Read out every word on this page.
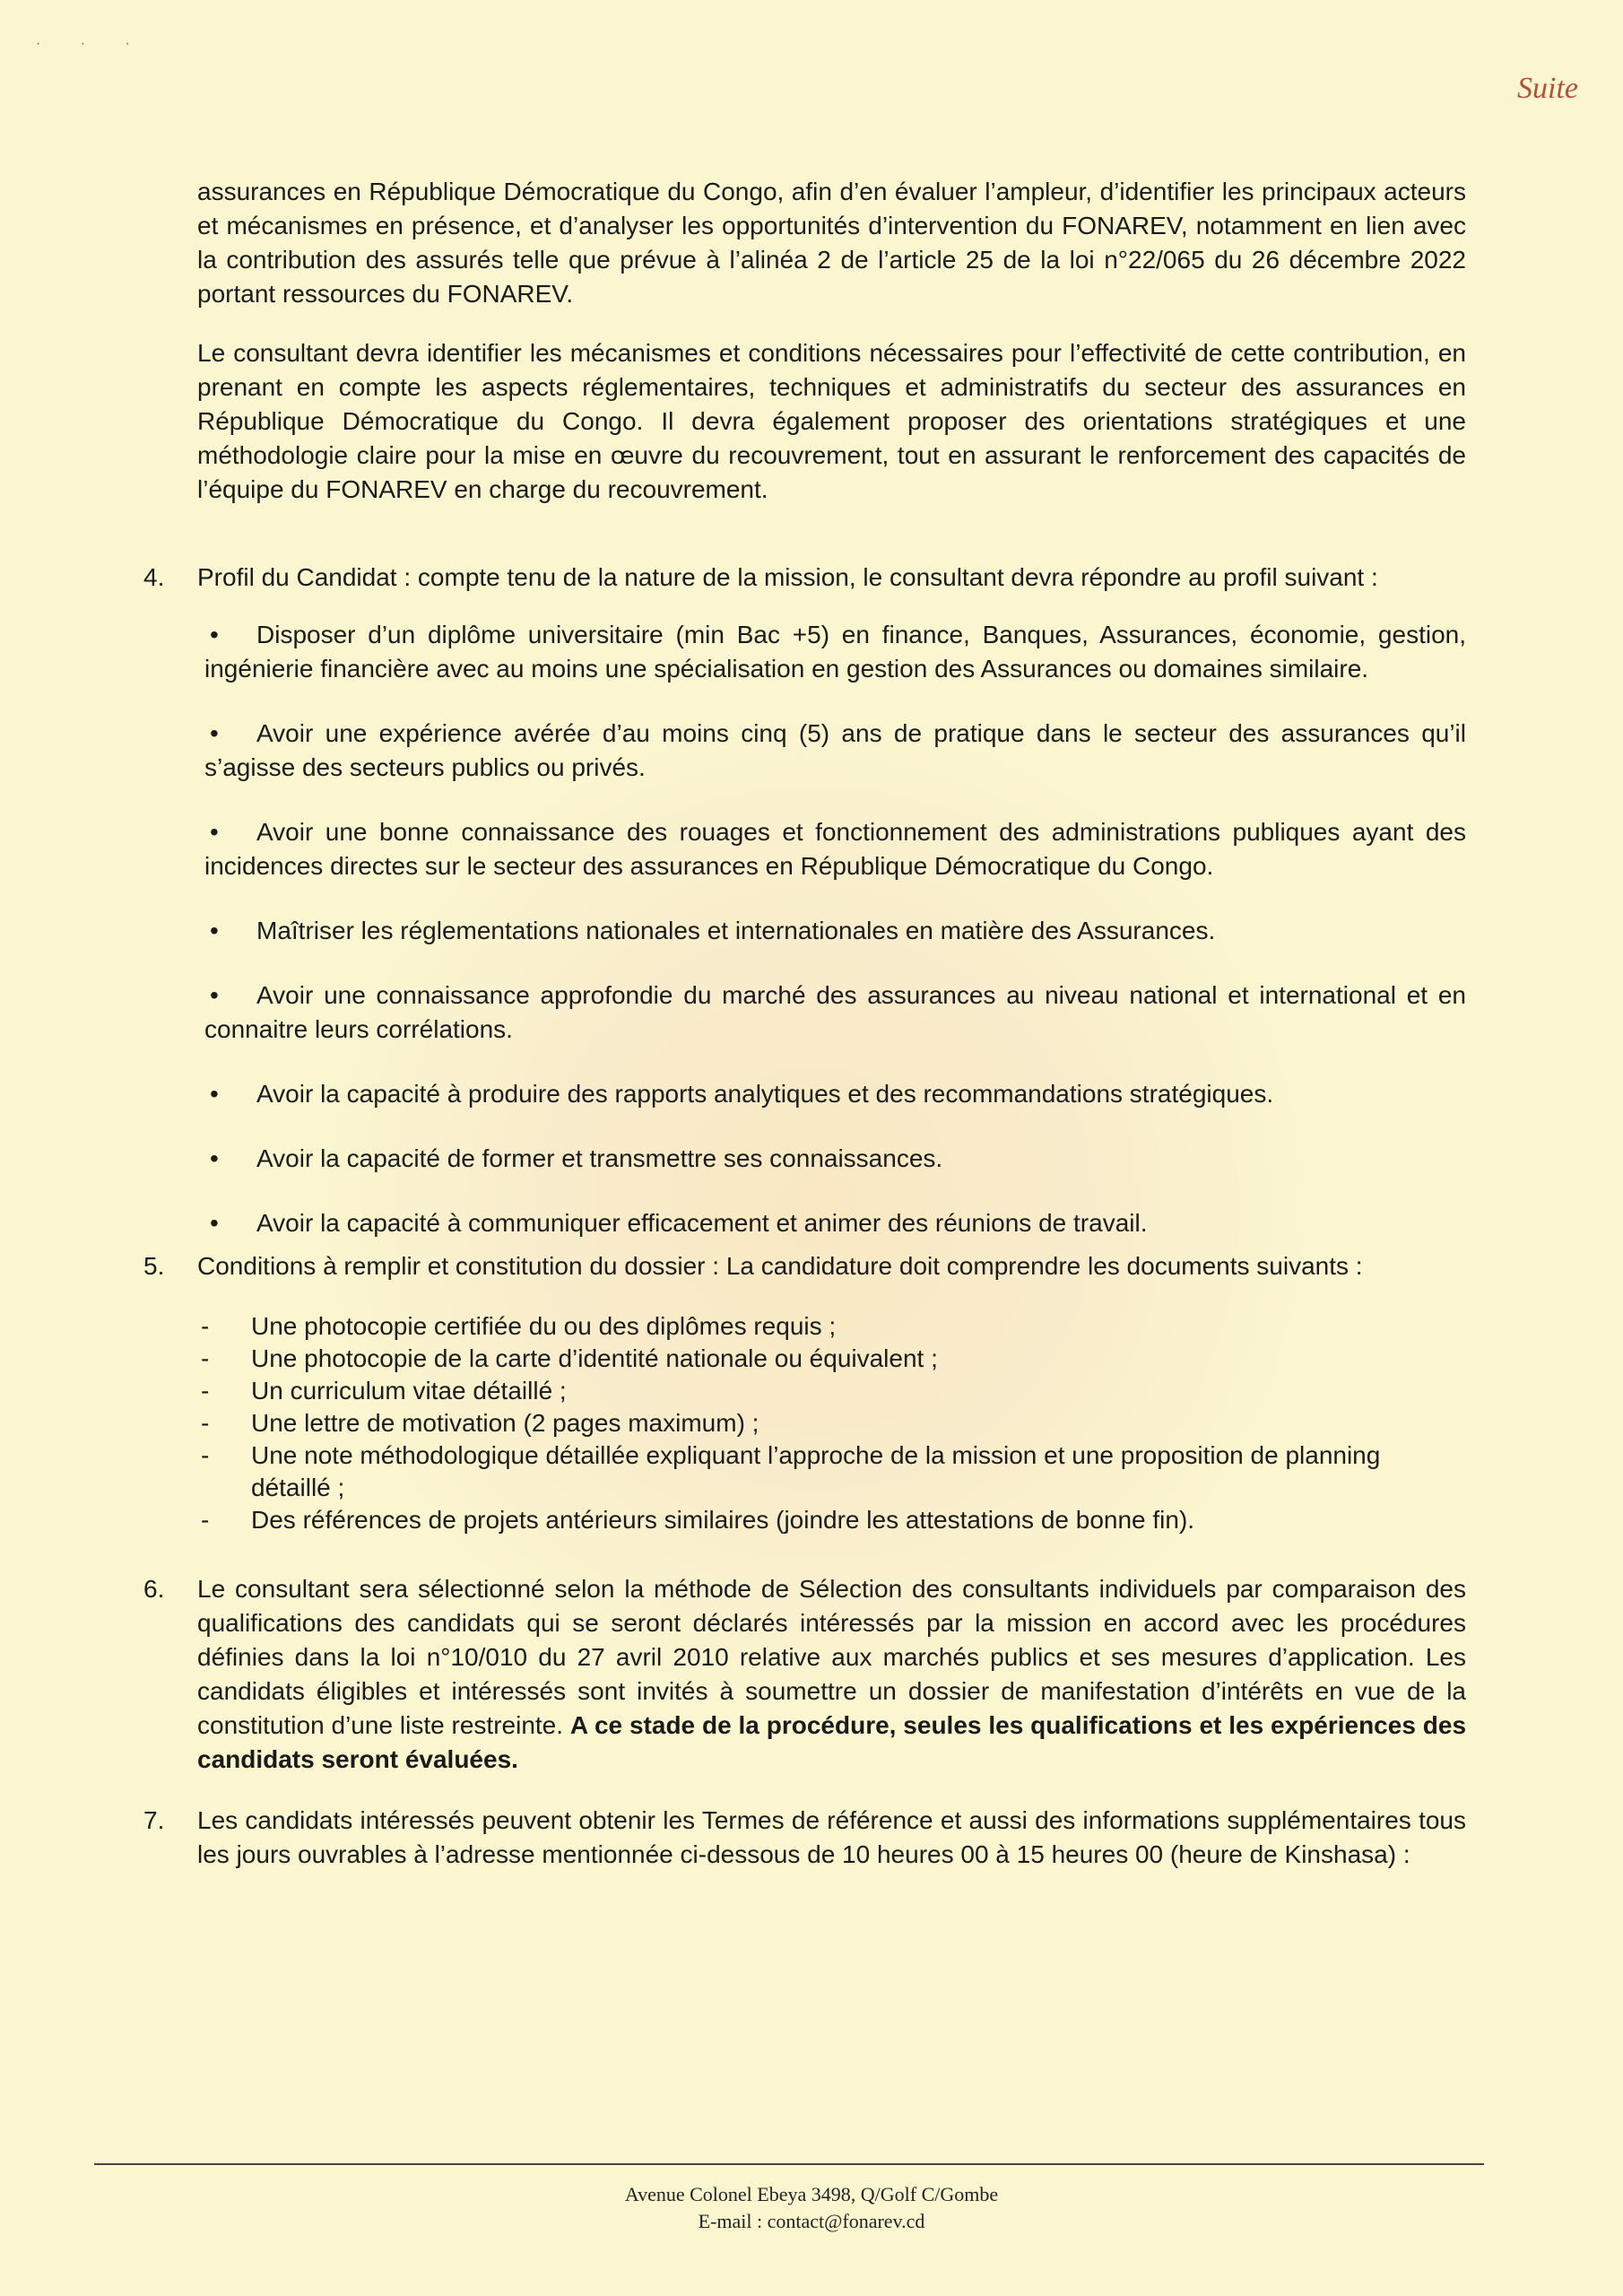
· · ·
Suite

assurances en République Démocratique du Congo, afin d’en évaluer l’ampleur, d’identifier les principaux acteurs et mécanismes en présence, et d’analyser les opportunités d’intervention du FONAREV, notamment en lien avec la contribution des assurés telle que prévue à l’alinéa 2 de l’article 25 de la loi n°22/065 du 26 décembre 2022 portant ressources du FONAREV.

Le consultant devra identifier les mécanismes et conditions nécessaires pour l’effectivité de cette contribution, en prenant en compte les aspects réglementaires, techniques et administratifs du secteur des assurances en République Démocratique du Congo. Il devra également proposer des orientations stratégiques et une méthodologie claire pour la mise en œuvre du recouvrement, tout en assurant le renforcement des capacités de l’équipe du FONAREV en charge du recouvrement.

4. Profil du Candidat : compte tenu de la nature de la mission, le consultant devra répondre au profil suivant :

• Disposer d’un diplôme universitaire (min Bac +5) en finance, Banques, Assurances, économie, gestion, ingénierie financière avec au moins une spécialisation en gestion des Assurances ou domaines similaire.
• Avoir une expérience avérée d’au moins cinq (5) ans de pratique dans le secteur des assurances qu’il s’agisse des secteurs publics ou privés.
• Avoir une bonne connaissance des rouages et fonctionnement des administrations publiques ayant des incidences directes sur le secteur des assurances en République Démocratique du Congo.
• Maîtriser les réglementations nationales et internationales en matière des Assurances.
• Avoir une connaissance approfondie du marché des assurances au niveau national et international et en connaitre leurs corrélations.
• Avoir la capacité à produire des rapports analytiques et des recommandations stratégiques.
• Avoir la capacité de former et transmettre ses connaissances.
• Avoir la capacité à communiquer efficacement et animer des réunions de travail.
5. Conditions à remplir et constitution du dossier : La candidature doit comprendre les documents suivants :

- Une photocopie certifiée du ou des diplômes requis ;
- Une photocopie de la carte d’identité nationale ou équivalent ;
- Un curriculum vitae détaillé ;
- Une lettre de motivation (2 pages maximum) ;
- Une note méthodologique détaillée expliquant l’approche de la mission et une proposition de planning détaillé ;
- Des références de projets antérieurs similaires (joindre les attestations de bonne fin).
6. Le consultant sera sélectionné selon la méthode de Sélection des consultants individuels par comparaison des qualifications des candidats qui se seront déclarés intéressés par la mission en accord avec les procédures définies dans la loi n°10/010 du 27 avril 2010 relative aux marchés publics et ses mesures d’application. Les candidats éligibles et intéressés sont invités à soumettre un dossier de manifestation d’intérêts en vue de la constitution d’une liste restreinte. A ce stade de la procédure, seules les qualifications et les expériences des candidats seront évaluées.

7. Les candidats intéressés peuvent obtenir les Termes de référence et aussi des informations supplémentaires tous les jours ouvrables à l’adresse mentionnée ci-dessous de 10 heures 00 à 15 heures 00 (heure de Kinshasa) :

Avenue Colonel Ebeya 3498, Q/Golf C/Gombe
E-mail : contact@fonarev.cd
